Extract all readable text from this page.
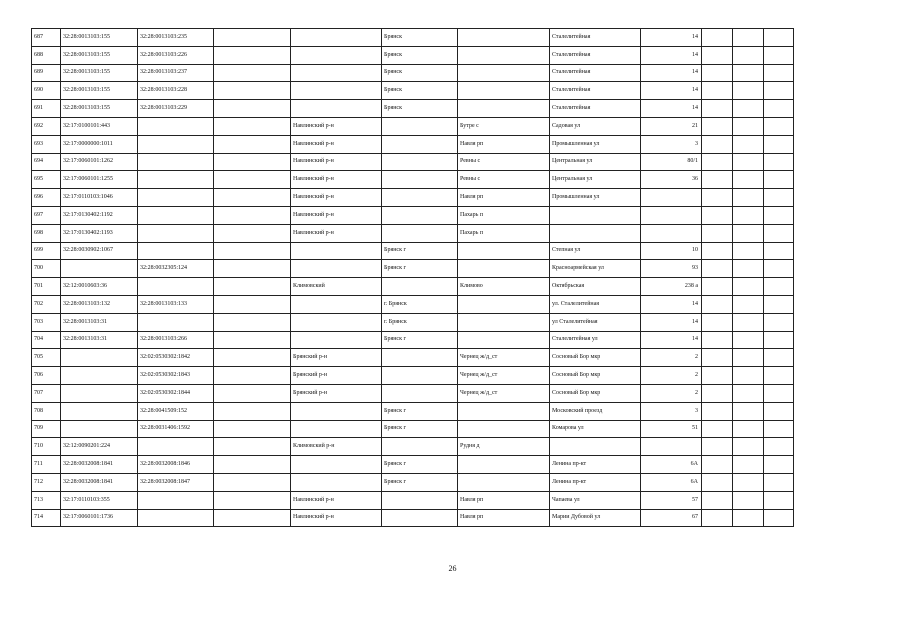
687	32:28:0013103:155	32:28:0013103:235			Брянск		Сталелитейная	14			
688	32:28:0013103:155	32:28:0013103:226			Брянск		Сталелитейная	14			
689	32:28:0013103:155	32:28:0013103:237			Брянск		Сталелитейная	14			
690	32:28:0013103:155	32:28:0013103:228			Брянск		Сталелитейная	14			
691	32:28:0013103:155	32:28:0013103:229			Брянск		Сталелитейная	14			
692	32:17:0100101:443			Навлинский р-н		Бутре с	Садовая ул	21			
693	32:17:0000000:1011			Навлинский р-н		Навля рп	Промышленная ул	3			
694	32:17:0060101:1262			Навлинский р-н		Ревны с	Центральная ул	80/1			
695	32:17:0060101:1255			Навлинский р-н		Ревны с	Центральная ул	36			
696	32:17:0110103:1046			Навлинский р-н		Навля рп	Промышленная ул				
697	32:17:0130402:1192			Навлинский р-н		Пахарь п					
698	32:17:0130402:1193			Навлинский р-н		Пахарь п					
699	32:28:0030902:1067				Брянск г		Степная ул	10			
700		32:28:0032305:124			Брянск г		Красноармейская ул	93			
701	32:12:0010603:36			Климовский		Климово	Октябрьская	238 а			
702	32:28:0013103:132	32:28:0013103:133			г. Брянск		ул. Сталелитейная	14			
703	32:28:0013103:31				г. Брянск		ул Сталелитейная	14			
704	32:28:0013103:31	32:28:0013103:266			Брянск г		Сталелитейная ул	14			
705		32:02:0530302:1842		Брянский р-н		Чернец ж/д_ст	Сосновый Бор мкр	2			
706		32:02:0530302:1843		Брянский р-н		Чернец ж/д_ст	Сосновый Бор мкр	2			
707		32:02:0530302:1844		Брянский р-н		Чернец ж/д_ст	Сосновый Бор мкр	2			
708		32:28:0041509:152			Брянск г		Московский проезд	3			
709		32:28:0031406:1592			Брянск г		Комарова ул	51			
710	32:12:0090201:224			Климовский р-н		Рудня д					
711	32:28:0032008:1841	32:28:0032008:1846			Брянск г		Ленина пр-кт	6А			
712	32:28:0032008:1841	32:28:0032008:1847			Брянск г		Ленина пр-кт	6А			
713	32:17:0110103:355			Навлинский р-н		Навля рп	Чапаева ул	57			
714	32:17:0060101:1736			Навлинский р-н		Навля рп	Марии Дубовой ул	67			
26
